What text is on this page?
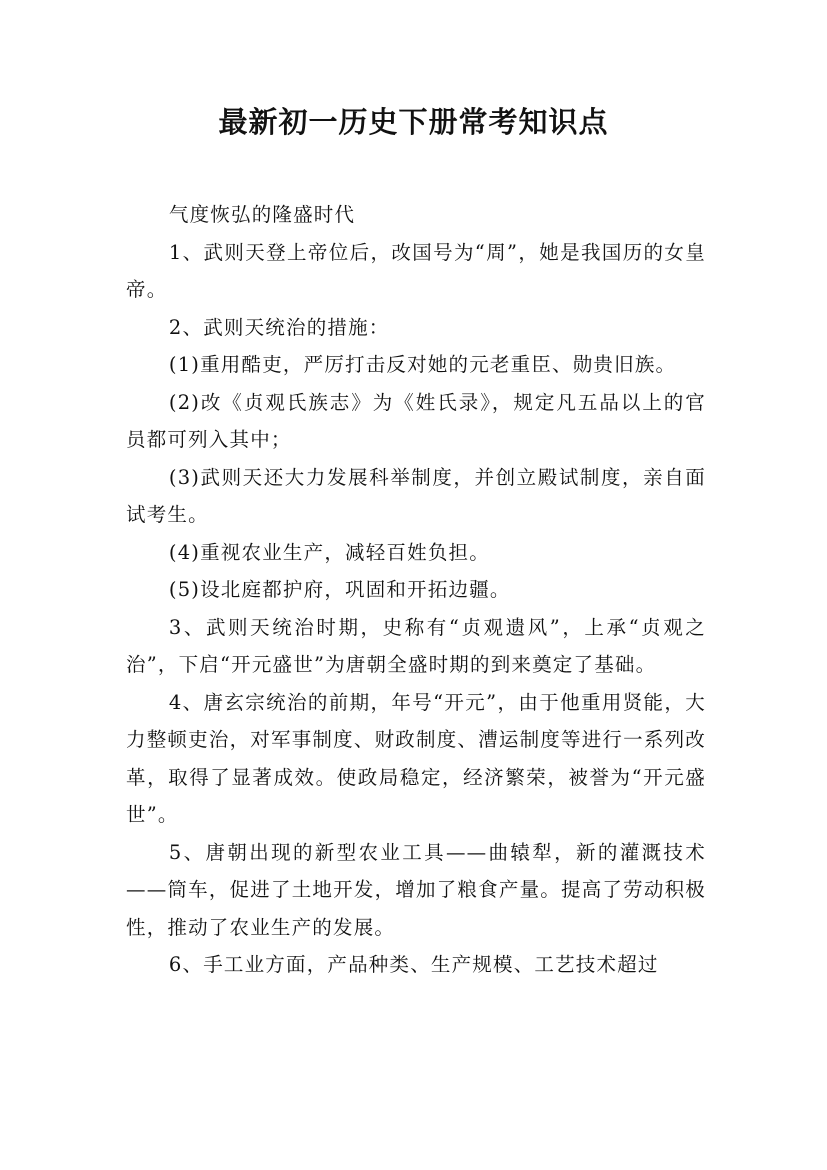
最新初一历史下册常考知识点

气度恢弘的隆盛时代

1、武则天登上帝位后，改国号为“周”，她是我国历的女皇帝。

2、武则天统治的措施：

(1)重用酷吏，严厉打击反对她的元老重臣、勋贵旧族。

(2)改《贞观氏族志》为《姓氏录》，规定凡五品以上的官员都可列入其中；

(3)武则天还大力发展科举制度，并创立殿试制度，亲自面试考生。

(4)重视农业生产，减轻百姓负担。

(5)设北庭都护府，巩固和开拓边疆。

3、武则天统治时期，史称有“贞观遗风”，上承“贞观之治”，下启“开元盛世”为唐朝全盛时期的到来奠定了基础。

4、唐玄宗统治的前期，年号“开元”，由于他重用贤能，大力整顿吏治，对军事制度、财政制度、漕运制度等进行一系列改革，取得了显著成效。使政局稳定，经济繁荣，被誉为“开元盛世”。

5、唐朝出现的新型农业工具——曲辕犁，新的灌溉技术——筒车，促进了土地开发，增加了粮食产量。提高了劳动积极性，推动了农业生产的发展。

6、手工业方面，产品种类、生产规模、工艺技术超过
